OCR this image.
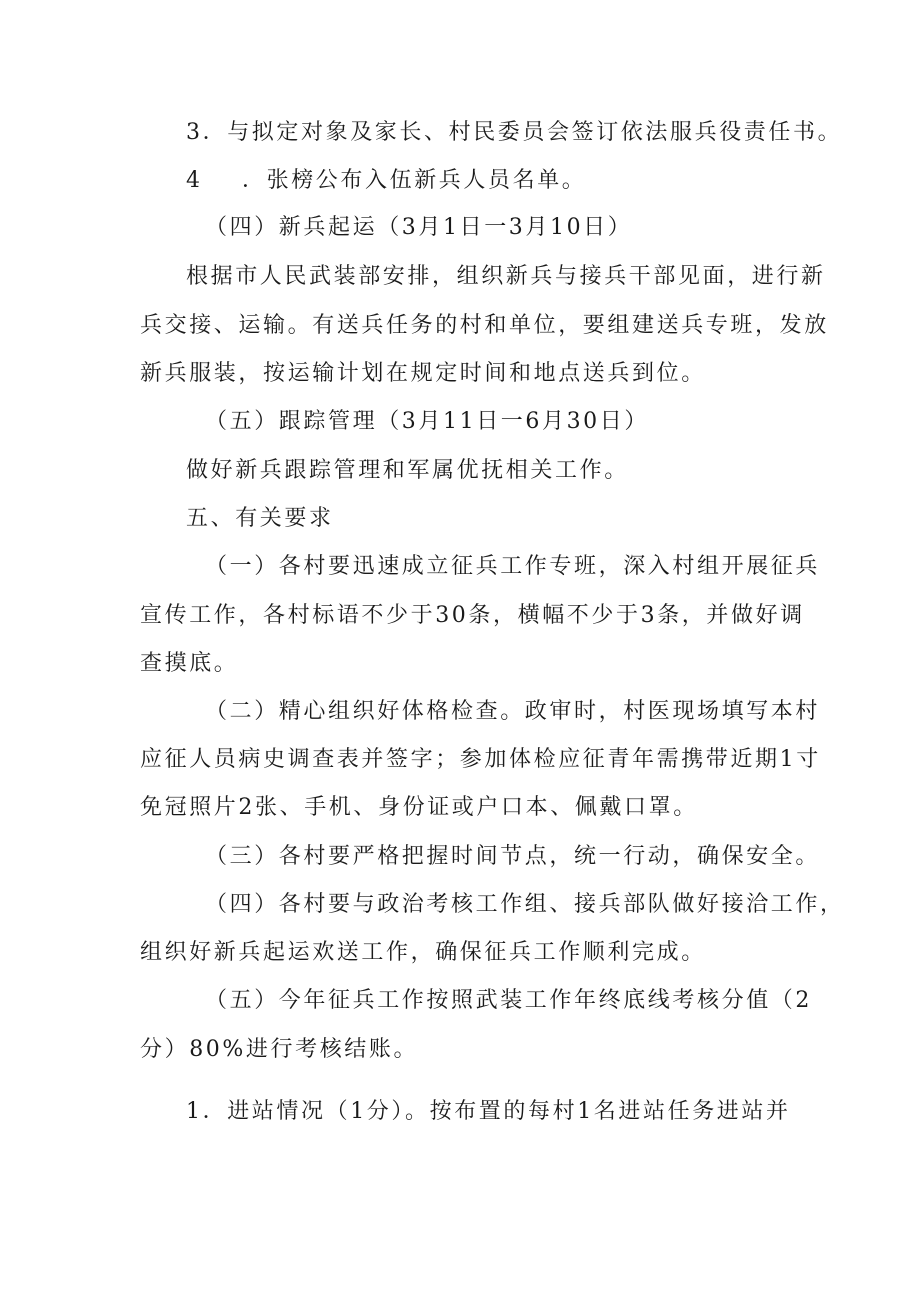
3．与拟定对象及家长、村民委员会签订依法服兵役责任书。
4 ．张榜公布入伍新兵人员名单。
（四）新兵起运（3月1日一3月10日）
根据市人民武装部安排，组织新兵与接兵干部见面，进行新
兵交接、运输。有送兵任务的村和单位，要组建送兵专班，发放
新兵服装，按运输计划在规定时间和地点送兵到位。
（五）跟踪管理（3月11日一6月30日）
做好新兵跟踪管理和军属优抚相关工作。
五、有关要求
（一）各村要迅速成立征兵工作专班，深入村组开展征兵
宣传工作，各村标语不少于30条，横幅不少于3条，并做好调
查摸底。
（二）精心组织好体格检查。政审时，村医现场填写本村
应征人员病史调查表并签字；参加体检应征青年需携带近期1寸
免冠照片2张、手机、身份证或户口本、佩戴口罩。
（三）各村要严格把握时间节点，统一行动，确保安全。
（四）各村要与政治考核工作组、接兵部队做好接洽工作，
组织好新兵起运欢送工作，确保征兵工作顺利完成。
（五）今年征兵工作按照武装工作年终底线考核分值（2
分）80%进行考核结账。
1．进站情况（1分）。按布置的每村1名进站任务进站并
